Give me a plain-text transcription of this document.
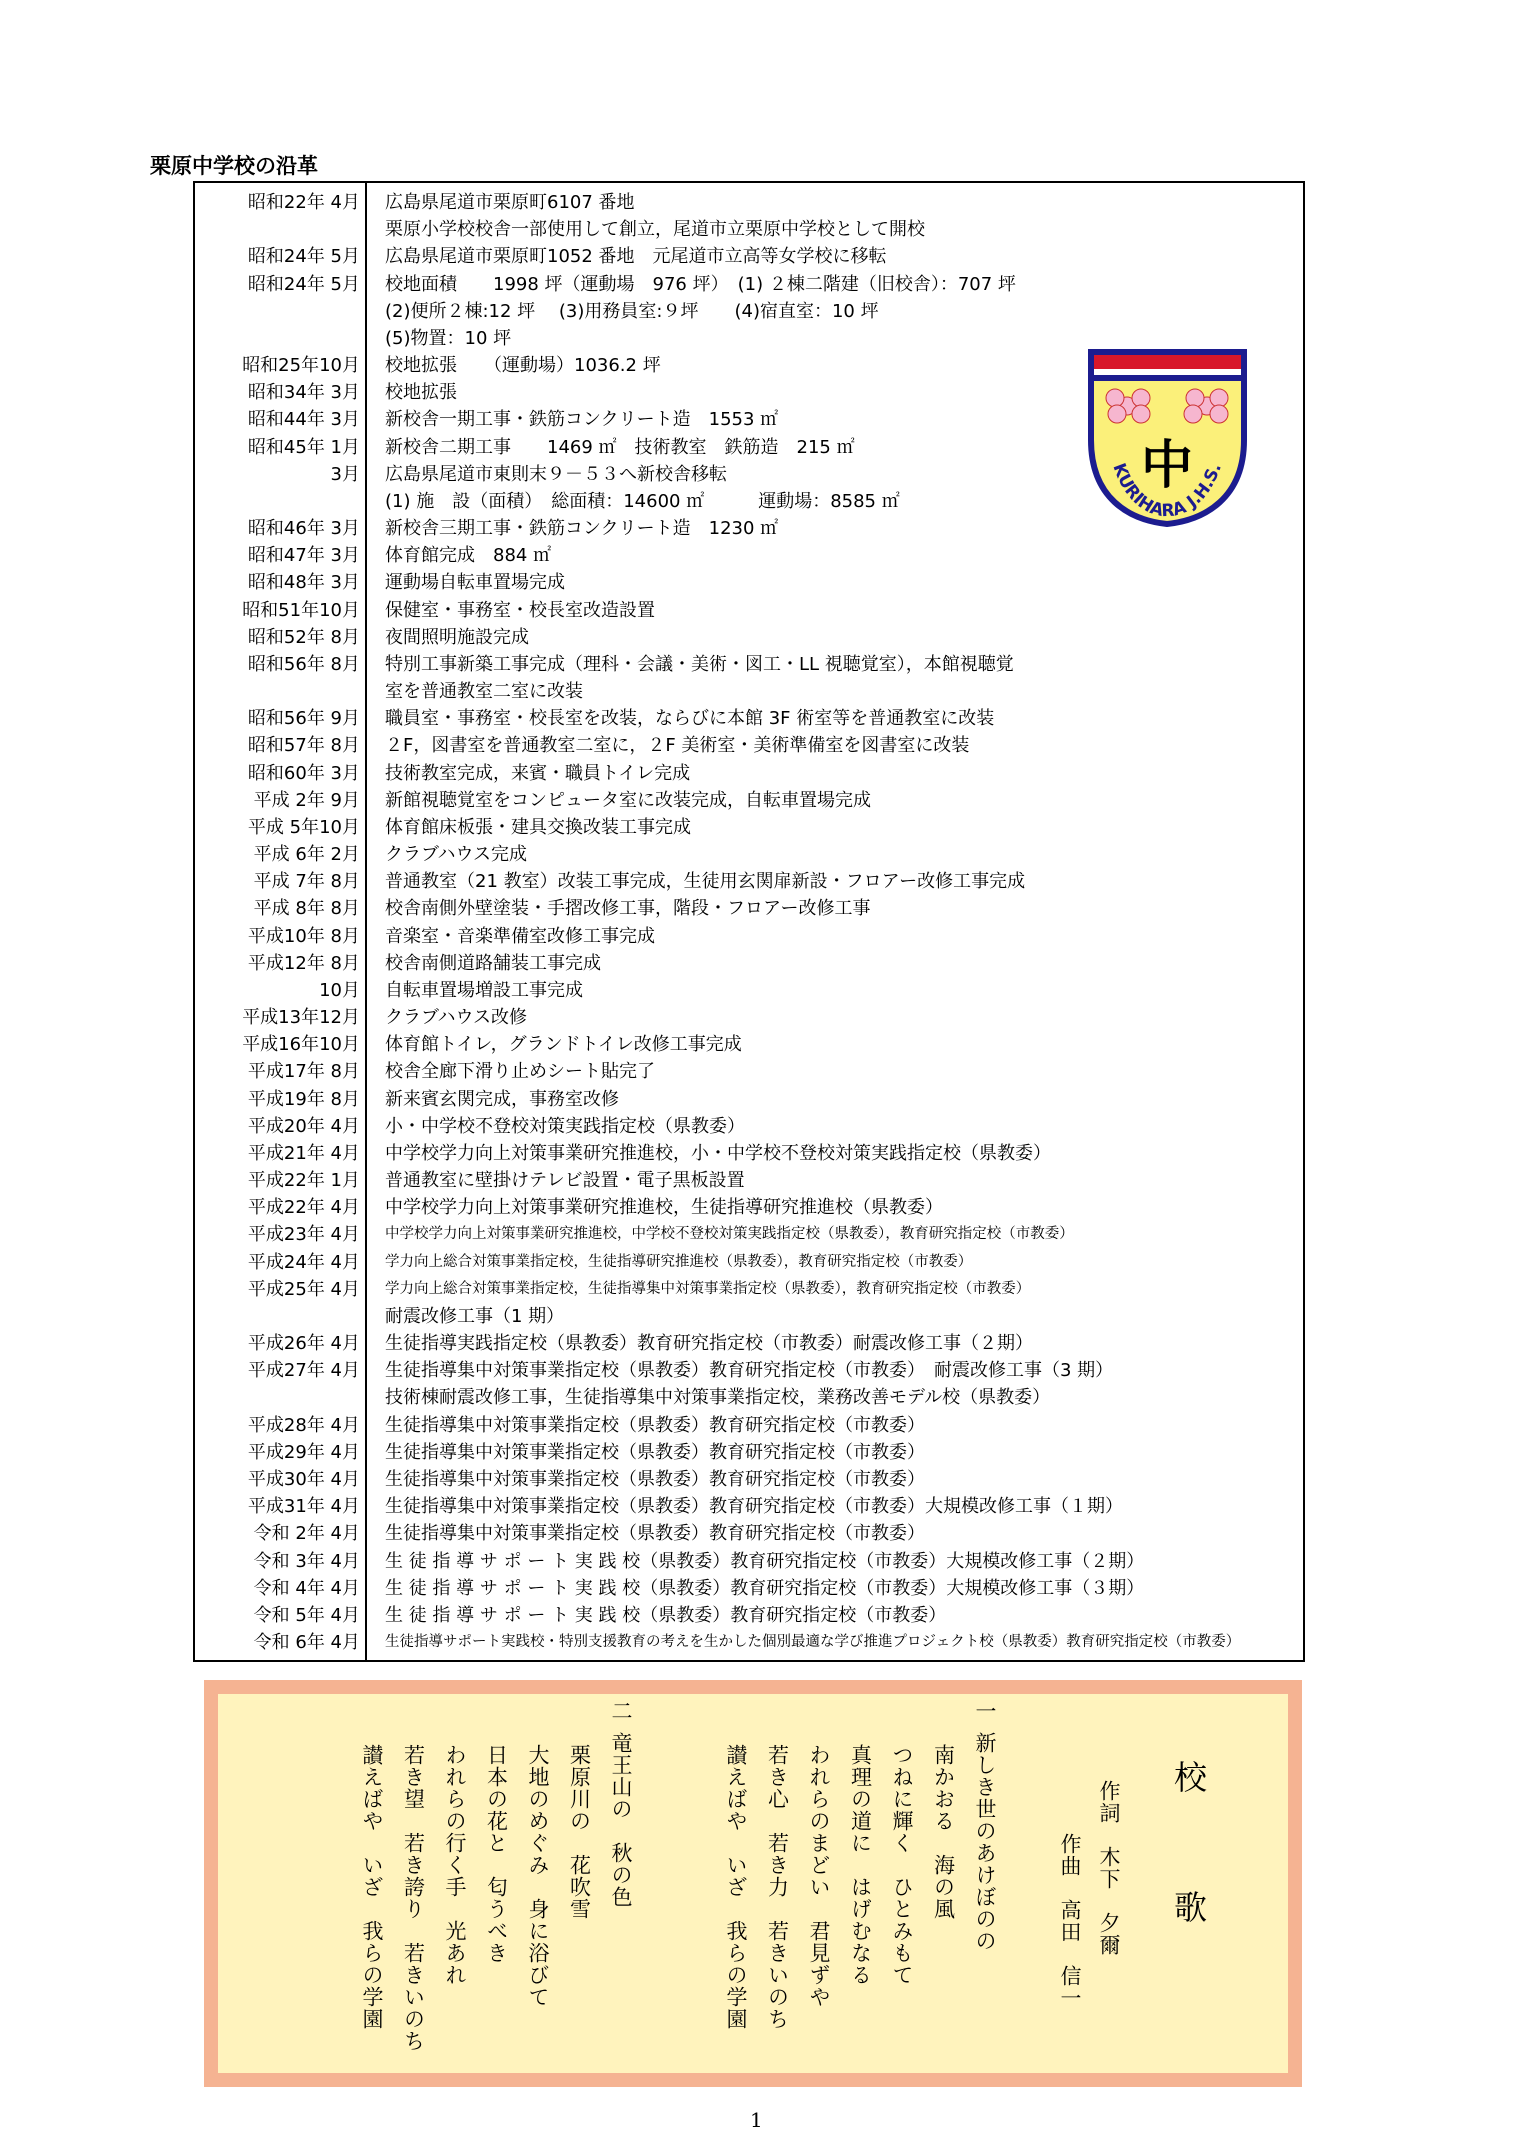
栗原中学校の沿革
昭和22年 4月 広島県尾道市栗原町6107 番地
栗原小学校校舎一部使用して創立，尾道市立栗原中学校として開校
昭和24年 5月 広島県尾道市栗原町1052 番地　元尾道市立高等女学校に移転
昭和24年 5月 校地面積　　1998 坪（運動場　976 坪）　(1) ２棟二階建（旧校舎）：707 坪
(2)便所２棟:12 坪　 (3)用務員室:９坪　　(4)宿直室：10 坪
(5)物置：10 坪
昭和25年10月 校地拡張　　（運動場）1036.2 坪
昭和34年 3月 校地拡張
昭和44年 3月 新校舎一期工事・鉄筋コンクリート造　1553 ㎡
昭和45年 1月 新校舎二期工事　　1469 ㎡　技術教室　鉄筋造　215 ㎡
3月 広島県尾道市東則末９－５３へ新校舎移転
(1) 施　設（面積）　総面積：14600 ㎡　　　運動場：8585 ㎡
昭和46年 3月 新校舎三期工事・鉄筋コンクリート造　1230 ㎡
昭和47年 3月 体育館完成　884 ㎡
昭和48年 3月 運動場自転車置場完成
昭和51年10月 保健室・事務室・校長室改造設置
昭和52年 8月 夜間照明施設完成
昭和56年 8月 特別工事新築工事完成（理科・会議・美術・図工・LL 視聴覚室），本館視聴覚
室を普通教室二室に改装
昭和56年 9月 職員室・事務室・校長室を改装，ならびに本館 3F 術室等を普通教室に改装
昭和57年 8月 ２F，図書室を普通教室二室に，２F 美術室・美術準備室を図書室に改装
昭和60年 3月 技術教室完成，来賓・職員トイレ完成
平成 2年 9月 新館視聴覚室をコンピュータ室に改装完成，自転車置場完成
平成 5年10月 体育館床板張・建具交換改装工事完成
平成 6年 2月 クラブハウス完成
平成 7年 8月 普通教室（21 教室）改装工事完成，生徒用玄関扉新設・フロアー改修工事完成
平成 8年 8月 校舎南側外壁塗装・手摺改修工事，階段・フロアー改修工事
平成10年 8月 音楽室・音楽準備室改修工事完成
平成12年 8月 校舎南側道路舗装工事完成
10月 自転車置場増設工事完成
平成13年12月 クラブハウス改修
平成16年10月 体育館トイレ，グランドトイレ改修工事完成
平成17年 8月 校舎全廊下滑り止めシート貼完了
平成19年 8月 新来賓玄関完成，事務室改修
平成20年 4月 小・中学校不登校対策実践指定校（県教委）
平成21年 4月 中学校学力向上対策事業研究推進校，小・中学校不登校対策実践指定校（県教委）
平成22年 1月 普通教室に壁掛けテレビ設置・電子黒板設置
平成22年 4月 中学校学力向上対策事業研究推進校，生徒指導研究推進校（県教委）
平成23年 4月 中学校学力向上対策事業研究推進校，中学校不登校対策実践指定校（県教委），教育研究指定校（市教委）
平成24年 4月 学力向上総合対策事業指定校，生徒指導研究推進校（県教委），教育研究指定校（市教委）
平成25年 4月 学力向上総合対策事業指定校，生徒指導集中対策事業指定校（県教委），教育研究指定校（市教委）
耐震改修工事（1 期）
平成26年 4月 生徒指導実践指定校（県教委）教育研究指定校（市教委）耐震改修工事（２期）
平成27年 4月 生徒指導集中対策事業指定校（県教委）教育研究指定校（市教委）　耐震改修工事（3 期）
技術棟耐震改修工事，生徒指導集中対策事業指定校，業務改善モデル校（県教委）
平成28年 4月 生徒指導集中対策事業指定校（県教委）教育研究指定校（市教委）
平成29年 4月 生徒指導集中対策事業指定校（県教委）教育研究指定校（市教委）
平成30年 4月 生徒指導集中対策事業指定校（県教委）教育研究指定校（市教委）
平成31年 4月 生徒指導集中対策事業指定校（県教委）教育研究指定校（市教委）大規模改修工事（１期）
令和 2年 4月 生徒指導集中対策事業指定校（県教委）教育研究指定校（市教委）
令和 3年 4月 生 徒 指 導 サ ポ ー ト 実 践 校（県教委）教育研究指定校（市教委）大規模改修工事（２期）
令和 4年 4月 生 徒 指 導 サ ポ ー ト 実 践 校（県教委）教育研究指定校（市教委）大規模改修工事（３期）
令和 5年 4月 生 徒 指 導 サ ポ ー ト 実 践 校（県教委）教育研究指定校（市教委）
令和 6年 4月 生徒指導サポート実践校・特別支援教育の考えを生かした個別最適な学び推進プロジェクト校（県教委）教育研究指定校（市教委）
中
KURIHARA J.H.S.
校　歌
作詞　木下　夕爾
作曲　高田　信一
一
新しき世のあけぼのの
南かおる　海の風
つねに輝く　ひとみもて
真理の道に　はげむなる
われらのまどい　君見ずや
若き心　若き力　若きいのち
讃えばや　いざ　我らの学園
二
竜王山の　秋の色
栗原川の　花吹雪
大地のめぐみ　身に浴びて
日本の花と　匂うべき
われらの行く手　光あれ
若き望　若き誇り　若きいのち
讃えばや　いざ　我らの学園
1
